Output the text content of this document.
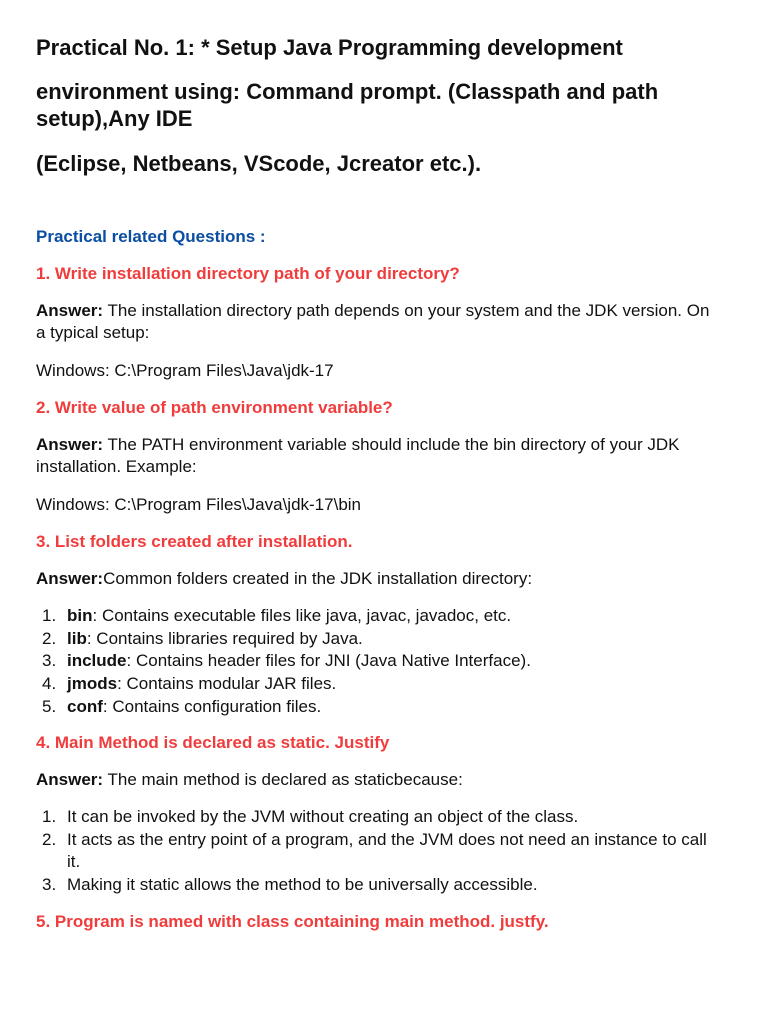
Practical No. 1: * Setup Java Programming development
environment using: Command prompt. (Classpath and path setup),Any IDE
(Eclipse, Netbeans, VScode, Jcreator etc.).

Practical related Questions :

1. Write installation directory path of your directory?

Answer: The installation directory path depends on your system and the JDK version. On a typical setup:

Windows: C:\Program Files\Java\jdk-17

2. Write value of path environment variable?

Answer: The PATH environment variable should include the bin directory of your JDK installation. Example:

Windows: C:\Program Files\Java\jdk-17\bin

3. List folders created after installation.

Answer:Common folders created in the JDK installation directory:

1. bin: Contains executable files like java, javac, javadoc, etc.
2. lib: Contains libraries required by Java.
3. include: Contains header files for JNI (Java Native Interface).
4. jmods: Contains modular JAR files.
5. conf: Contains configuration files.

4. Main Method is declared as static. Justify

Answer: The main method is declared as staticbecause:

1. It can be invoked by the JVM without creating an object of the class.
2. It acts as the entry point of a program, and the JVM does not need an instance to call it.
3. Making it static allows the method to be universally accessible.

5. Program is named with class containing main method. justfy.
